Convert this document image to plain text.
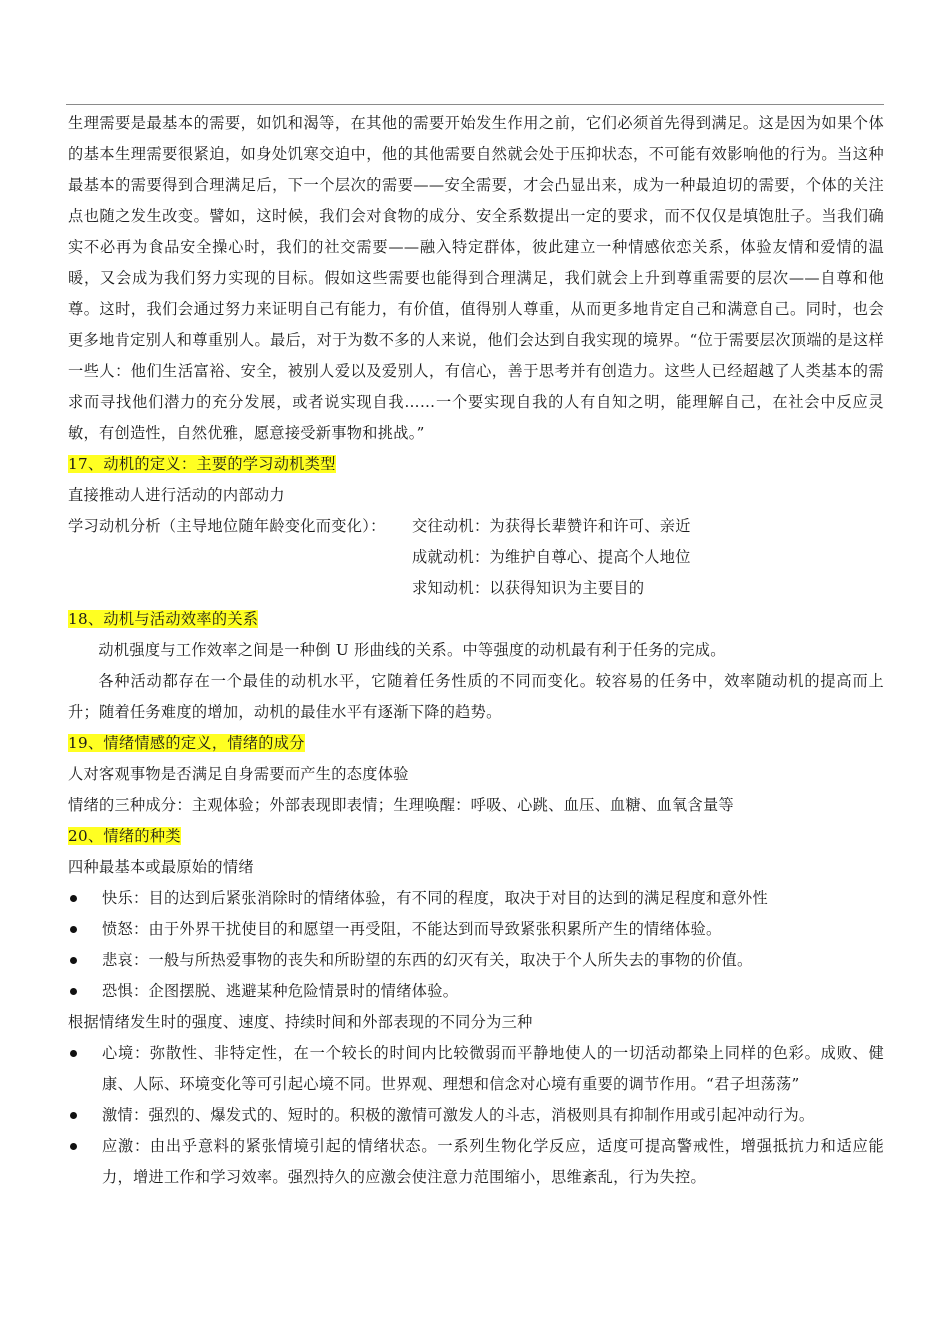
生理需要是最基本的需要，如饥和渴等，在其他的需要开始发生作用之前，它们必须首先得到满足。这是因为如果个体的基本生理需要很紧迫，如身处饥寒交迫中，他的其他需要自然就会处于压抑状态，不可能有效影响他的行为。当这种最基本的需要得到合理满足后，下一个层次的需要——安全需要，才会凸显出来，成为一种最迫切的需要，个体的关注点也随之发生改变。譬如，这时候，我们会对食物的成分、安全系数提出一定的要求，而不仅仅是填饱肚子。当我们确实不必再为食品安全操心时，我们的社交需要——融入特定群体，彼此建立一种情感依恋关系，体验友情和爱情的温暖，又会成为我们努力实现的目标。假如这些需要也能得到合理满足，我们就会上升到尊重需要的层次——自尊和他尊。这时，我们会通过努力来证明自己有能力，有价值，值得别人尊重，从而更多地肯定自己和满意自己。同时，也会更多地肯定别人和尊重别人。最后，对于为数不多的人来说，他们会达到自我实现的境界。“位于需要层次顶端的是这样一些人：他们生活富裕、安全，被别人爱以及爱别人，有信心，善于思考并有创造力。这些人已经超越了人类基本的需求而寻找他们潜力的充分发展，或者说实现自我……一个要实现自我的人有自知之明，能理解自己，在社会中反应灵敏，有创造性，自然优雅，愿意接受新事物和挑战。”

17、动机的定义：主要的学习动机类型

直接推动人进行活动的内部动力

学习动机分析（主导地位随年龄变化而变化）：	交往动机：为获得长辈赞许和许可、亲近
成就动机：为维护自尊心、提高个人地位
求知动机：以获得知识为主要目的

18、动机与活动效率的关系

动机强度与工作效率之间是一种倒 U 形曲线的关系。中等强度的动机最有利于任务的完成。

各种活动都存在一个最佳的动机水平，它随着任务性质的不同而变化。较容易的任务中，效率随动机的提高而上升；随着任务难度的增加，动机的最佳水平有逐渐下降的趋势。

19、情绪情感的定义，情绪的成分

人对客观事物是否满足自身需要而产生的态度体验

情绪的三种成分：主观体验；外部表现即表情；生理唤醒：呼吸、心跳、血压、血糖、血氧含量等

20、情绪的种类

四种最基本或最原始的情绪

快乐：目的达到后紧张消除时的情绪体验，有不同的程度，取决于对目的达到的满足程度和意外性
愤怒：由于外界干扰使目的和愿望一再受阻，不能达到而导致紧张积累所产生的情绪体验。
悲哀：一般与所热爱事物的丧失和所盼望的东西的幻灭有关，取决于个人所失去的事物的价值。
恐惧：企图摆脱、逃避某种危险情景时的情绪体验。

根据情绪发生时的强度、速度、持续时间和外部表现的不同分为三种

心境：弥散性、非特定性，在一个较长的时间内比较微弱而平静地使人的一切活动都染上同样的色彩。成败、健康、人际、环境变化等可引起心境不同。世界观、理想和信念对心境有重要的调节作用。“君子坦荡荡”
激情：强烈的、爆发式的、短时的。积极的激情可激发人的斗志，消极则具有抑制作用或引起冲动行为。
应激：由出乎意料的紧张情境引起的情绪状态。一系列生物化学反应，适度可提高警戒性，增强抵抗力和适应能力，增进工作和学习效率。强烈持久的应激会使注意力范围缩小，思维紊乱，行为失控。
